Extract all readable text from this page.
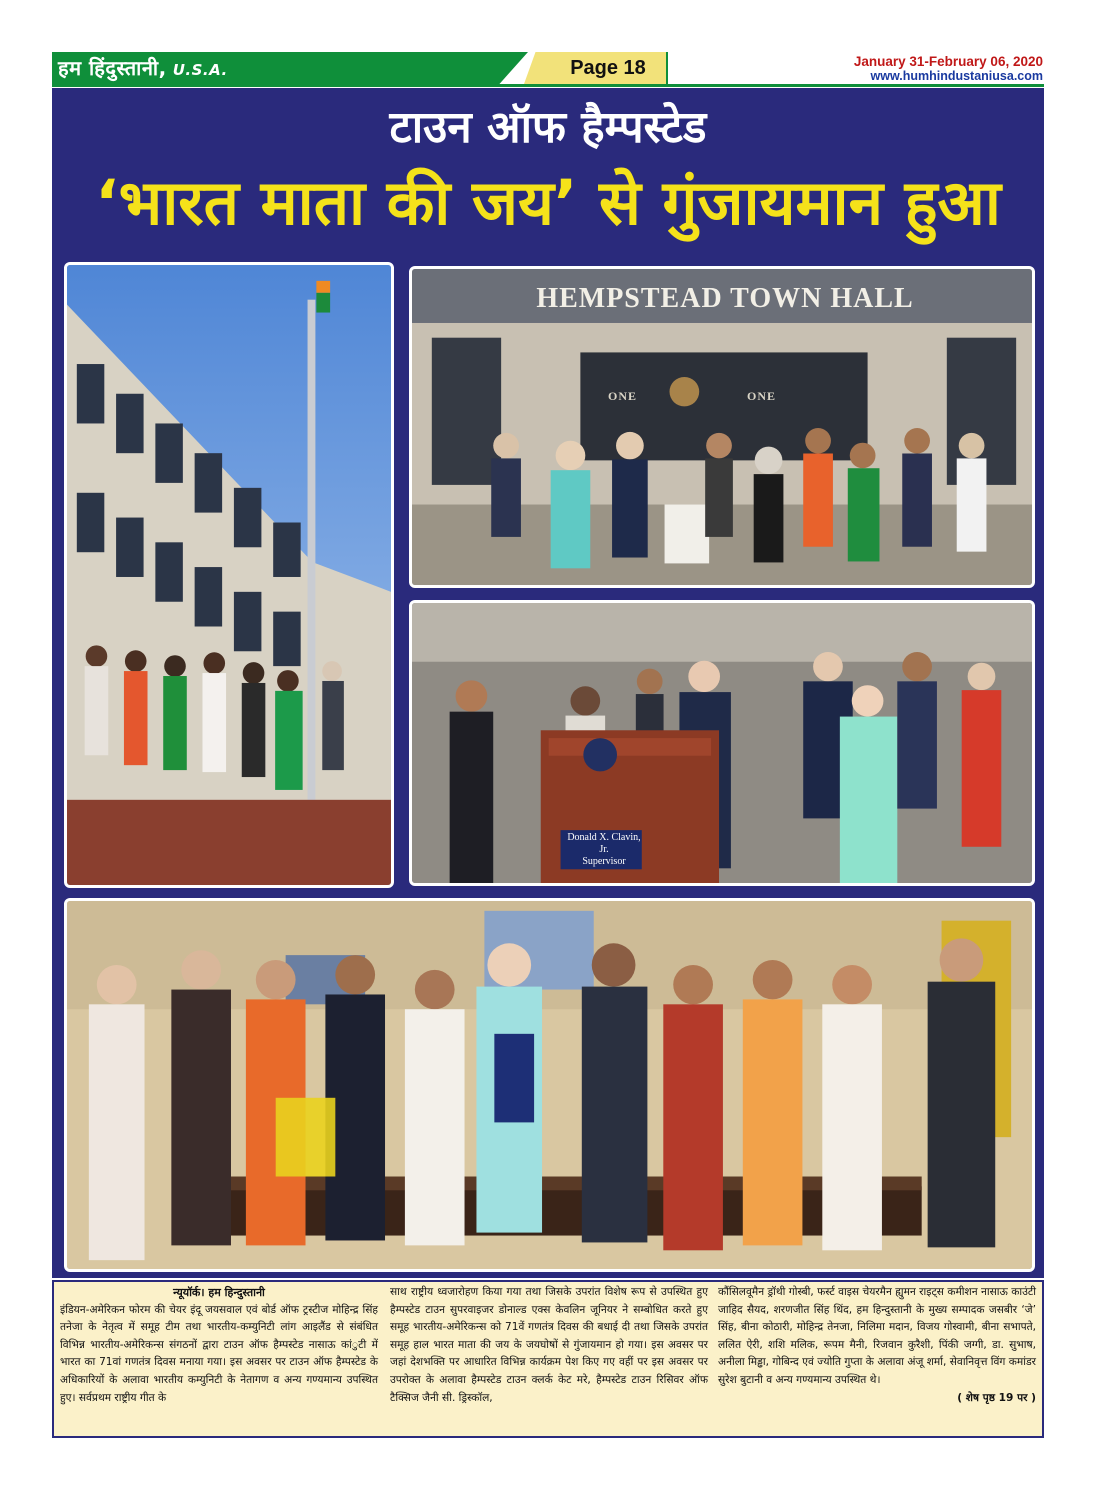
हम हिंदुस्तानी, U.S.A.	Page 18	January 31-February 06, 2020
www.humhindustaniusa.com
टाउन ऑफ हैम्पस्टेड
‘भारत माता की जय’ से गुंजायमान हुआ
HEMPSTEAD TOWN HALL
ONE	ONE
Donald X. Clavin, Jr.
Supervisor
न्यूयॉर्क। हम हिन्दुस्तानी
इंडियन-अमेरिकन फोरम की चेयर इंदू जयसवाल एवं बोर्ड ऑफ ट्रस्टीज मोहिन्द्र सिंह तनेजा के नेतृत्व में समूह टीम तथा भारतीय-कम्युनिटी लांग आइलैंड से संबंधित विभिन्न भारतीय-अमेरिकन्स संगठनों द्वारा टाउन ऑफ हैम्पस्टेड नासाऊ कांुटी में भारत का 71वां गणतंत्र दिवस मनाया गया। इस अवसर पर टाउन ऑफ हैम्पस्टेड के अधिकारियों के अलावा भारतीय कम्युनिटी के नेतागण व अन्य गण्यमान्य उपस्थित हुए। सर्वप्रथम राष्ट्रीय गीत के
साथ राष्ट्रीय ध्वजारोहण किया गया तथा जिसके उपरांत विशेष रूप से उपस्थित हुए हैम्पस्टेड टाउन सुपरवाइजर डोनाल्ड एक्स केवलिन जूनियर ने सम्बोधित करते हुए समूह भारतीय-अमेरिकन्स को 71वें गणतंत्र दिवस की बधाई दी तथा जिसके उपरांत समूह हाल भारत माता की जय के जयघोषों से गुंजायमान हो गया। इस अवसर पर जहां देशभक्ति पर आधारित विभिन्न कार्यक्रम पेश किए गए वहीं पर इस अवसर पर उपरोक्त के अलावा हैम्पस्टेड टाउन क्लर्क केट मरे, हैम्पस्टेड टाउन रिसिवर ऑफ टैक्सिज जैनी सी. ड्रिस्कॉल,
कौंसिलवूमैन ड्रॉथी गोस्बी, फर्स्ट वाइस चेयरमैन ह्युमन राइट्स कमीशन नासाऊ काउंटी जाहिद सैयद, शरणजीत सिंह थिंद, हम हिन्दुस्तानी के मुख्य सम्पादक जसबीर ‘जे’ सिंह, बीना कोठारी, मोहिन्द्र तेनजा, निलिमा मदान, विजय गोस्वामी, बीना सभापते, ललित ऐरी, शशि मलिक, रूपम मैनी, रिजवान कुरैशी, पिंकी जग्गी, डा. सुभाष, अनीला मिड्ढा, गोबिन्द एवं ज्योति गुप्ता के अलावा अंजू शर्मा, सेवानिवृत्त विंग कमांडर सुरेश बुटानी व अन्य गण्यमान्य उपस्थित थे।
( शेष पृष्ठ 19 पर )
